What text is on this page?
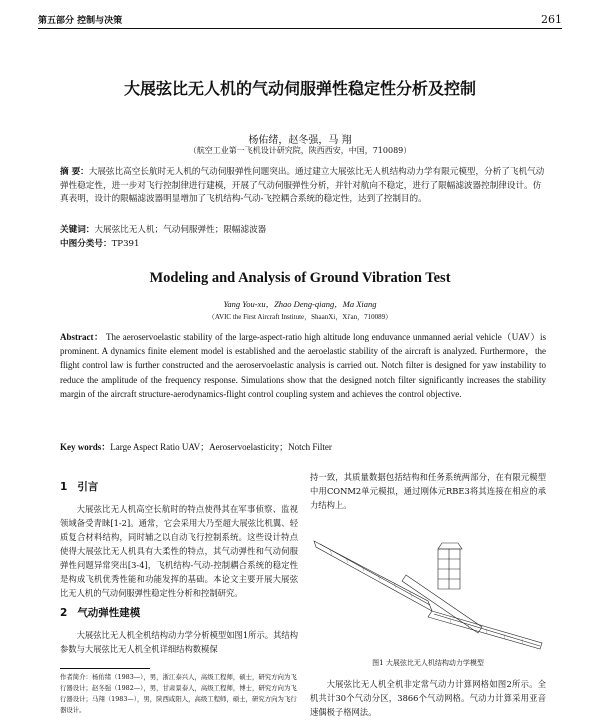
第五部分 控制与决策	261
大展弦比无人机的气动伺服弹性稳定性分析及控制
杨佑绪，赵冬强，马 翔
（航空工业第一飞机设计研究院，陕西西安，中国，710089）
摘 要：大展弦比高空长航时无人机的气动伺服弹性问题突出。通过建立大展弦比无人机结构动力学有限元模型，分析了飞机气动弹性稳定性，进一步对飞行控制律进行建模，开展了气动伺服弹性分析，并针对航向不稳定，进行了限幅滤波器控制律设计。仿真表明，设计的限幅滤波器明显增加了飞机结构-气动-飞控耦合系统的稳定性，达到了控制目的。
关键词：大展弦比无人机；气动伺服弹性；限幅滤波器
中图分类号：TP391
Modeling and Analysis of Ground Vibration Test
Yang You-xu，Zhao Deng-qiang，Ma Xiang
（AVIC the First Aircraft Institute，ShaanXi，Xi'an，710089）
Abstract： The aeroservoelastic stability of the large-aspect-ratio high altitude long enduvance unmanned aerial vehicle（UAV）is prominent. A dynamics finite element model is established and the aeroelastic stability of the aircraft is analyzed. Furthermore，the flight control law is further constructed and the aeroservoelastic analysis is carried out. Notch filter is designed for yaw instability to reduce the amplitude of the frequency response. Simulations show that the designed notch filter significantly increases the stability margin of the aircraft structure-aerodynamics-flight control coupling system and achieves the control objective.
Key words：Large Aspect Ratio UAV；Aeroservoelasticity；Notch Filter
1 引言

大展弦比无人机高空长航时的特点使得其在军事侦察、监视领域备受青睐[1-2]。通常，它会采用大乃至超大展弦比机翼、轻质复合材料结构，同时辅之以自动飞行控制系统。这些设计特点使得大展弦比无人机具有大柔性的特点，其气动弹性和气动伺服弹性问题异常突出[3-4]，飞机结构-气动-控制耦合系统的稳定性是构成飞机优秀性能和功能发挥的基础。本论文主要开展大展弦比无人机的气动伺服弹性稳定性分析和控制研究。

2 气动弹性建模

大展弦比无人机全机结构动力学分析模型如图1所示。其结构参数与大展弦比无人机全机详细结构数模保

持一致，其质量数据包括结构和任务系统两部分，在有限元模型中用CONM2单元模拟，通过刚体元RBE3将其连接在相应的承力结构上。

图1 大展弦比无人机结构动力学模型

大展弦比无人机全机非定常气动力计算网格如图2所示。全机共计30个气动分区，3866个气动网格。气动力计算采用亚音速偶极子格网法。

作者简介：杨佑绪（1983—），男，浙江泰兴人，高级工程师，硕士，研究方向为飞行器设计；赵冬强（1982—），男，甘肃景泰人，高级工程师，博士，研究方向为飞行器设计；马翔（1983—），男，陕西咸阳人，高级工程师，硕士，研究方向为飞行器设计。
